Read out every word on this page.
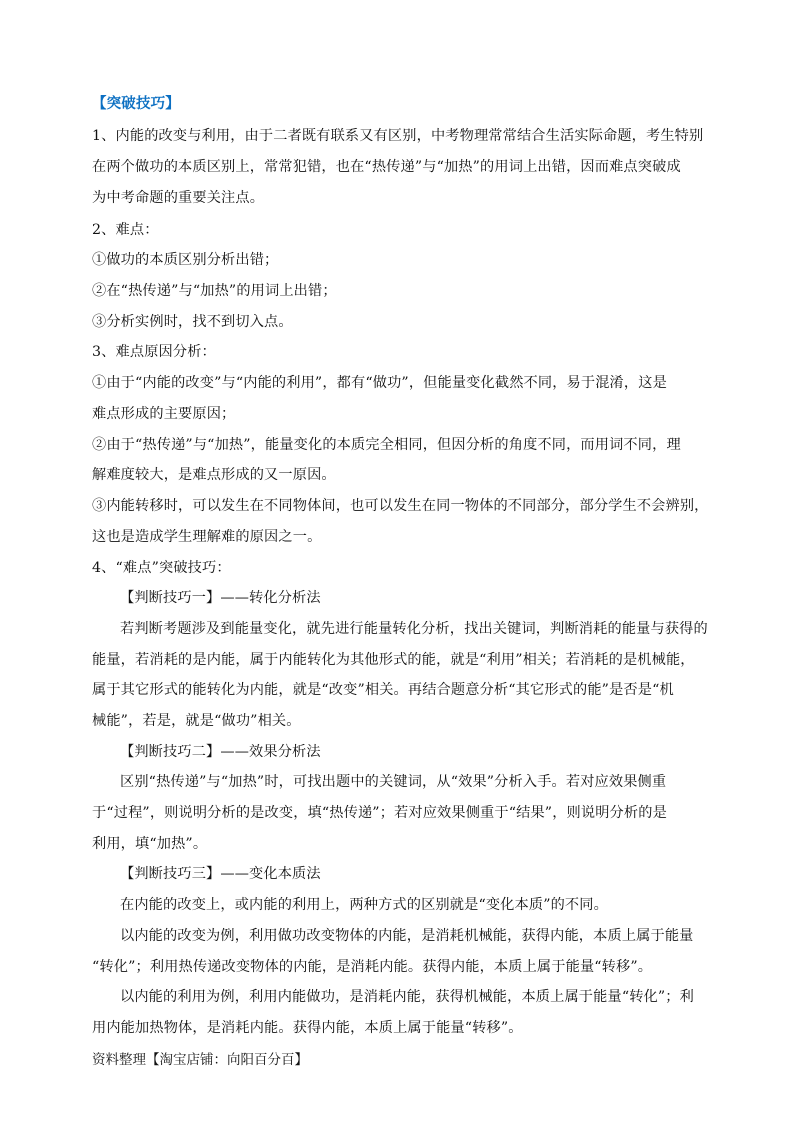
【突破技巧】
1、内能的改变与利用，由于二者既有联系又有区别，中考物理常常结合生活实际命题，考生特别
在两个做功的本质区别上，常常犯错，也在“热传递”与“加热”的用词上出错，因而难点突破成
为中考命题的重要关注点。
2、难点：
①做功的本质区别分析出错；
②在“热传递”与“加热”的用词上出错；
③分析实例时，找不到切入点。
3、难点原因分析：
①由于“内能的改变”与“内能的利用”，都有“做功”，但能量变化截然不同，易于混淆，这是
难点形成的主要原因；
②由于“热传递”与“加热”，能量变化的本质完全相同，但因分析的角度不同，而用词不同，理
解难度较大，是难点形成的又一原因。
③内能转移时，可以发生在不同物体间，也可以发生在同一物体的不同部分，部分学生不会辨别，
这也是造成学生理解难的原因之一。
4、“难点”突破技巧：
【判断技巧一】——转化分析法
若判断考题涉及到能量变化，就先进行能量转化分析，找出关键词，判断消耗的能量与获得的
能量，若消耗的是内能，属于内能转化为其他形式的能，就是“利用”相关；若消耗的是机械能，
属于其它形式的能转化为内能，就是“改变”相关。再结合题意分析“其它形式的能”是否是“机
械能”，若是，就是“做功”相关。
【判断技巧二】——效果分析法
区别“热传递”与“加热”时，可找出题中的关键词，从“效果”分析入手。若对应效果侧重
于“过程”，则说明分析的是改变，填“热传递”；若对应效果侧重于“结果”，则说明分析的是
利用，填“加热”。
【判断技巧三】——变化本质法
在内能的改变上，或内能的利用上，两种方式的区别就是“变化本质”的不同。
以内能的改变为例，利用做功改变物体的内能，是消耗机械能，获得内能，本质上属于能量
“转化”；利用热传递改变物体的内能，是消耗内能。获得内能，本质上属于能量“转移”。
以内能的利用为例，利用内能做功，是消耗内能，获得机械能，本质上属于能量“转化”；利
用内能加热物体，是消耗内能。获得内能，本质上属于能量“转移”。
资料整理【淘宝店铺：向阳百分百】
